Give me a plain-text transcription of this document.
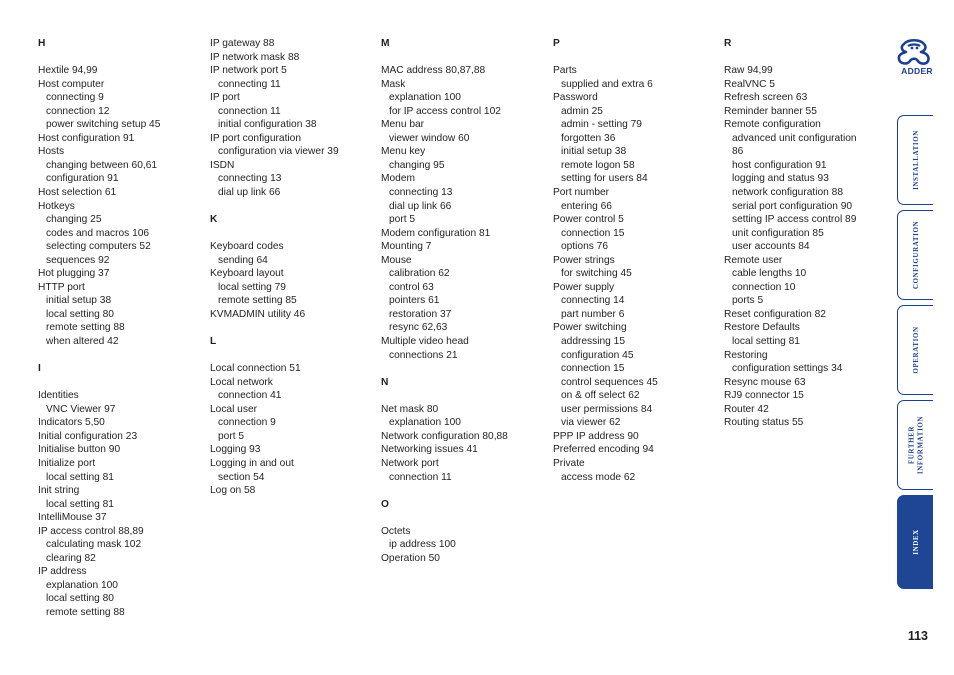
H
Hextile 94,99
Host computer
connecting 9
connection 12
power switching setup 45
Host configuration 91
Hosts
changing between 60,61
configuration 91
Host selection 61
Hotkeys
changing 25
codes and macros 106
selecting computers 52
sequences 92
Hot plugging 37
HTTP port
initial setup 38
local setting 80
remote setting 88
when altered 42
I
Identities
VNC Viewer 97
Indicators 5,50
Initial configuration 23
Initialise button 90
Initialize port
local setting 81
Init string
local setting 81
IntelliMouse 37
IP access control 88,89
calculating mask 102
clearing 82
IP address
explanation 100
local setting 80
remote setting 88
IP gateway 88
IP network mask 88
IP network port 5
connecting 11
IP port
connection 11
initial configuration 38
IP port configuration
configuration via viewer 39
ISDN
connecting 13
dial up link 66
K
Keyboard codes
sending 64
Keyboard layout
local setting 79
remote setting 85
KVMADMIN utility 46
L
Local connection 51
Local network
connection 41
Local user
connection 9
port 5
Logging 93
Logging in and out
section 54
Log on 58
M
MAC address 80,87,88
Mask
explanation 100
for IP access control 102
Menu bar
viewer window 60
Menu key
changing 95
Modem
connecting 13
dial up link 66
port 5
Modem configuration 81
Mounting 7
Mouse
calibration 62
control 63
pointers 61
restoration 37
resync 62,63
Multiple video head
connections 21
N
Net mask 80
explanation 100
Network configuration 80,88
Networking issues 41
Network port
connection 11
O
Octets
ip address 100
Operation 50
P
Parts
supplied and extra 6
Password
admin 25
admin - setting 79
forgotten 36
initial setup 38
remote logon 58
setting for users 84
Port number
entering 66
Power control 5
connection 15
options 76
Power strings
for switching 45
Power supply
connecting 14
part number 6
Power switching
addressing 15
configuration 45
connection 15
control sequences 45
on & off select 62
user permissions 84
via viewer 62
PPP IP address 90
Preferred encoding 94
Private
access mode 62
R
Raw 94,99
RealVNC 5
Refresh screen 63
Reminder banner 55
Remote configuration
advanced unit configuration
86
host configuration 91
logging and status 93
network configuration 88
serial port configuration 90
setting IP access control 89
unit configuration 85
user accounts 84
Remote user
cable lengths 10
connection 10
ports 5
Reset configuration 82
Restore Defaults
local setting 81
Restoring
configuration settings 34
Resync mouse 63
RJ9 connector 15
Router 42
Routing status 55
ADDER
INSTALLATION
CONFIGURATION
OPERATION
FURTHER
INFORMATION
INDEX
113
